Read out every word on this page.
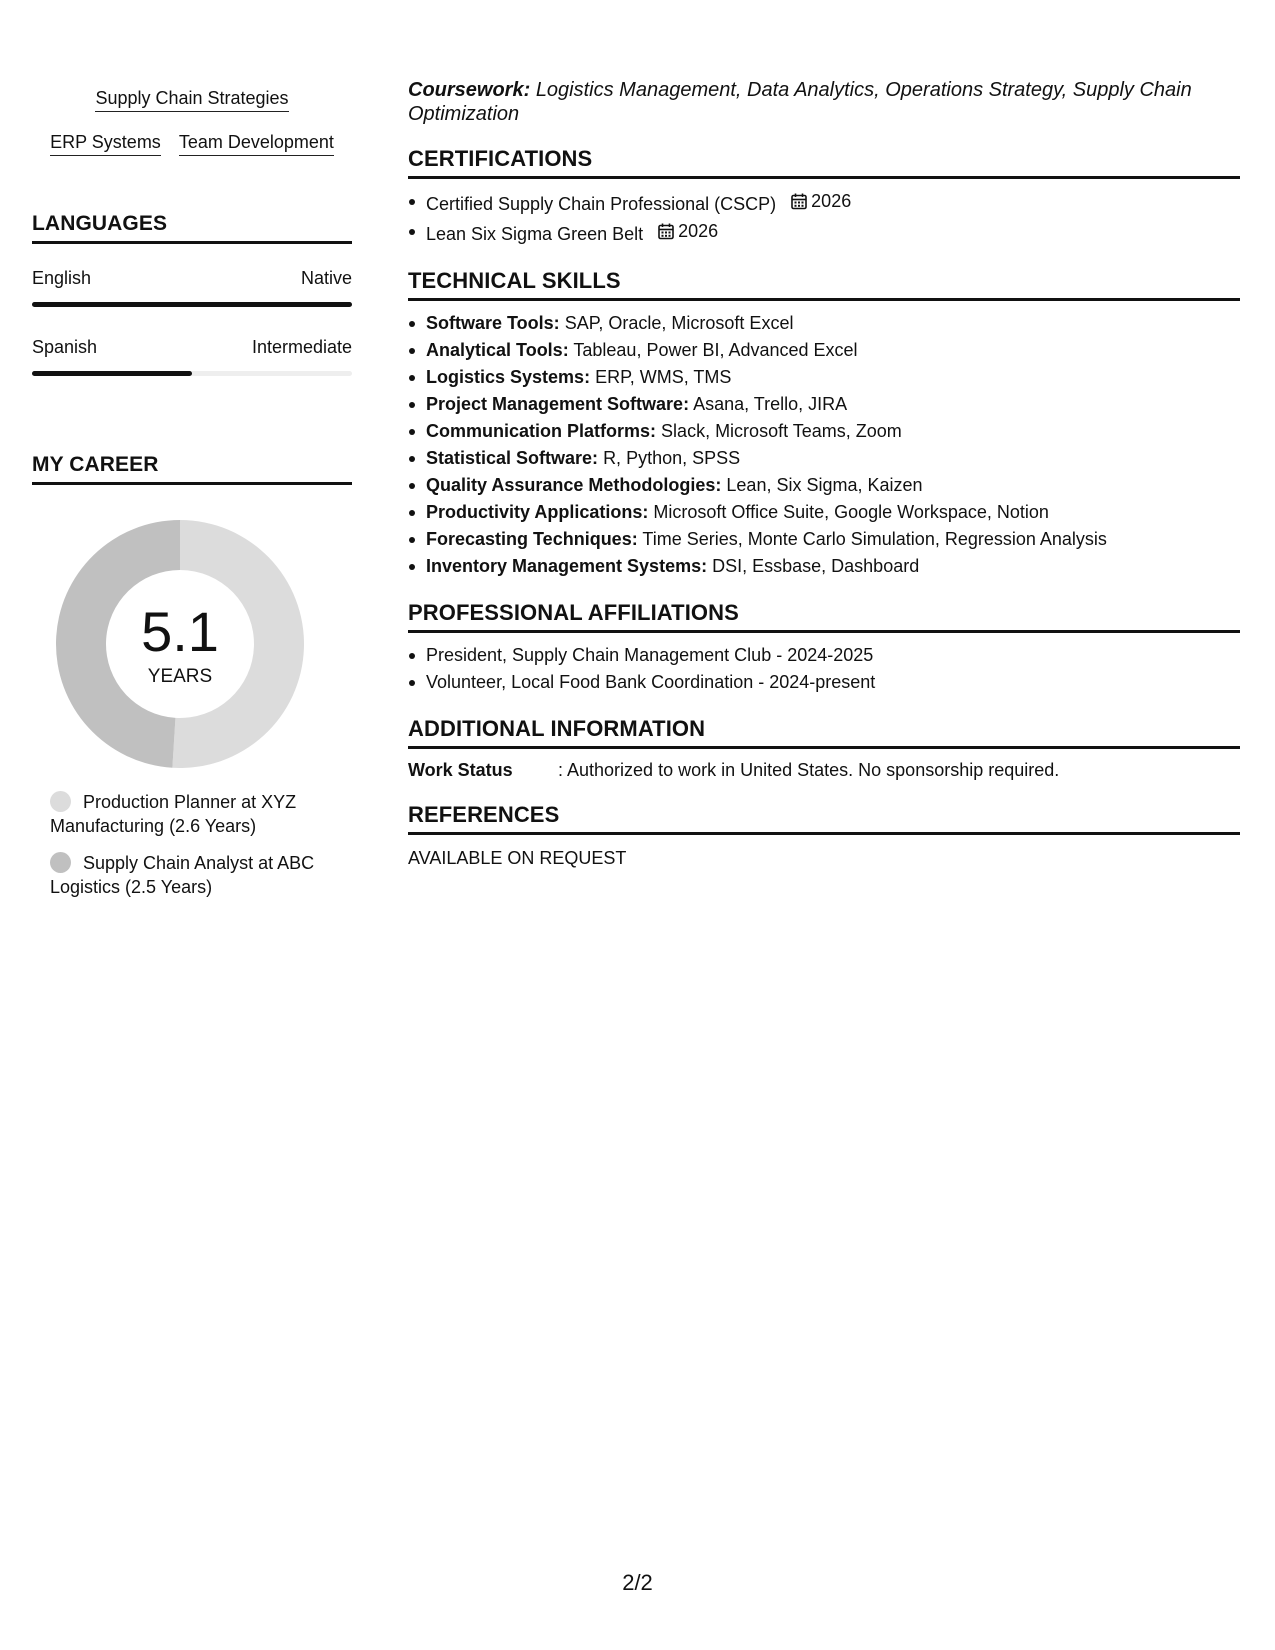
Supply Chain Strategies
ERP Systems Team Development
LANGUAGES
English	Native
Spanish	Intermediate
MY CAREER
5.1
YEARS
Production Planner at XYZ Manufacturing (2.6 Years)
Supply Chain Analyst at ABC Logistics (2.5 Years)
Coursework: Logistics Management, Data Analytics, Operations Strategy, Supply Chain Optimization
CERTIFICATIONS
Certified Supply Chain Professional (CSCP) 2026
Lean Six Sigma Green Belt 2026
TECHNICAL SKILLS
Software Tools: SAP, Oracle, Microsoft Excel
Analytical Tools: Tableau, Power BI, Advanced Excel
Logistics Systems: ERP, WMS, TMS
Project Management Software: Asana, Trello, JIRA
Communication Platforms: Slack, Microsoft Teams, Zoom
Statistical Software: R, Python, SPSS
Quality Assurance Methodologies: Lean, Six Sigma, Kaizen
Productivity Applications: Microsoft Office Suite, Google Workspace, Notion
Forecasting Techniques: Time Series, Monte Carlo Simulation, Regression Analysis
Inventory Management Systems: DSI, Essbase, Dashboard
PROFESSIONAL AFFILIATIONS
President, Supply Chain Management Club - 2024-2025
Volunteer, Local Food Bank Coordination - 2024-present
ADDITIONAL INFORMATION
Work Status	: Authorized to work in United States. No sponsorship required.
REFERENCES
AVAILABLE ON REQUEST
2/2
